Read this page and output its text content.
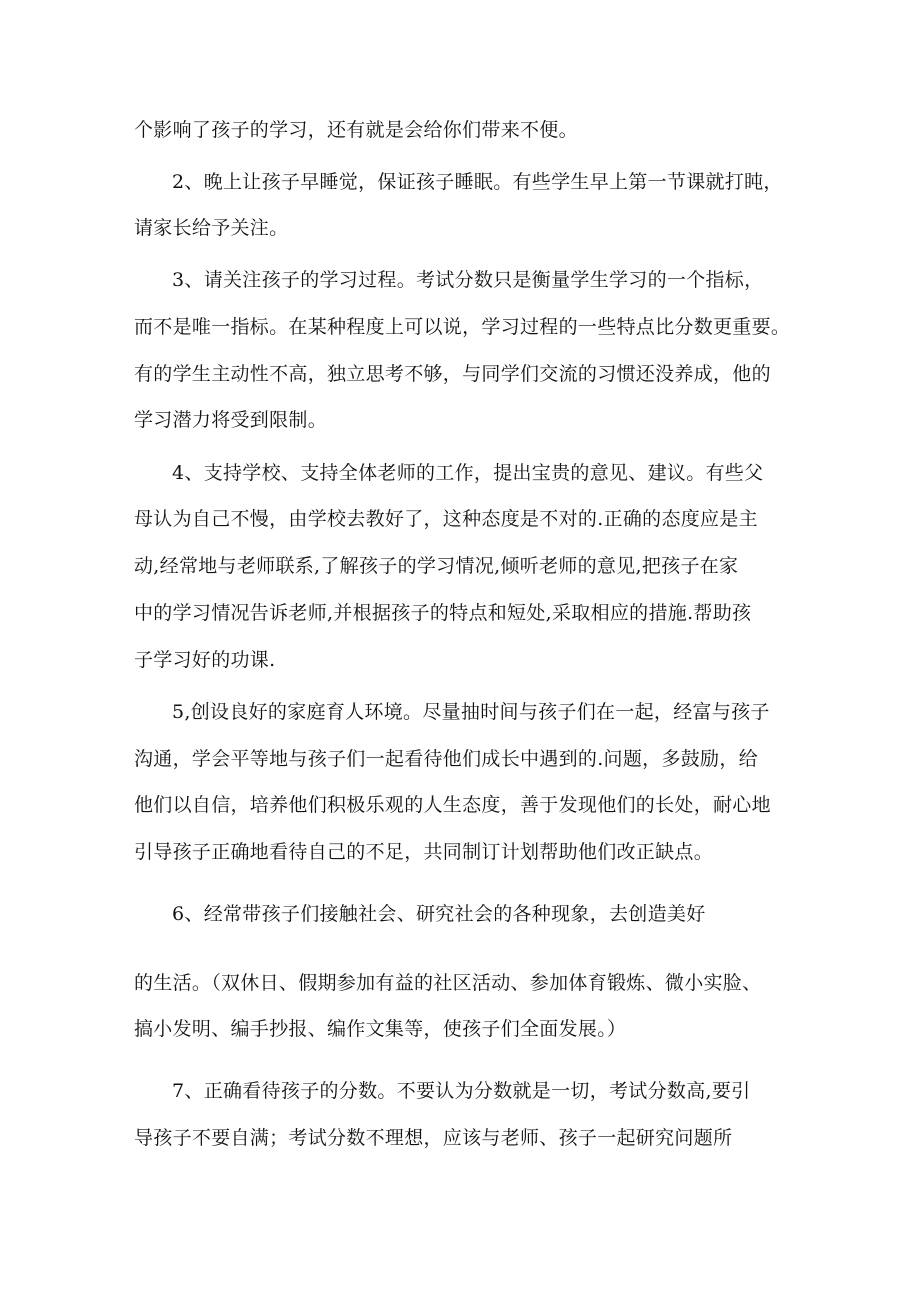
个影响了孩子的学习，还有就是会给你们带来不便。
2、晚上让孩子早睡觉，保证孩子睡眠。有些学生早上第一节课就打盹，
请家长给予关注。
3、请关注孩子的学习过程。考试分数只是衡量学生学习的一个指标，
而不是唯一指标。在某种程度上可以说，学习过程的一些特点比分数更重要。
有的学生主动性不高，独立思考不够，与同学们交流的习惯还没养成，他的
学习潜力将受到限制。
4、支持学校、支持全体老师的工作，提出宝贵的意见、建议。有些父
母认为自己不慢，由学校去教好了，这种态度是不对的.正确的态度应是主
动,经常地与老师联系,了解孩子的学习情况,倾听老师的意见,把孩子在家
中的学习情况告诉老师,并根据孩子的特点和短处,采取相应的措施.帮助孩
子学习好的功课.
5,创设良好的家庭育人环境。尽量抽时间与孩子们在一起，经富与孩子
沟通，学会平等地与孩子们一起看待他们成长中遇到的.问题，多鼓励，给
他们以自信，培养他们积极乐观的人生态度，善于发现他们的长处，耐心地
引导孩子正确地看待自己的不足，共同制订计划帮助他们改正缺点。
6、经常带孩子们接触社会、研究社会的各种现象，去创造美好
的生活。（双休日、假期参加有益的社区活动、参加体育锻炼、微小实脸、
搞小发明、编手抄报、编作文集等，使孩子们全面发展。）
7、正确看待孩子的分数。不要认为分数就是一切，考试分数高,要引
导孩子不要自满；考试分数不理想，应该与老师、孩子一起研究问题所
